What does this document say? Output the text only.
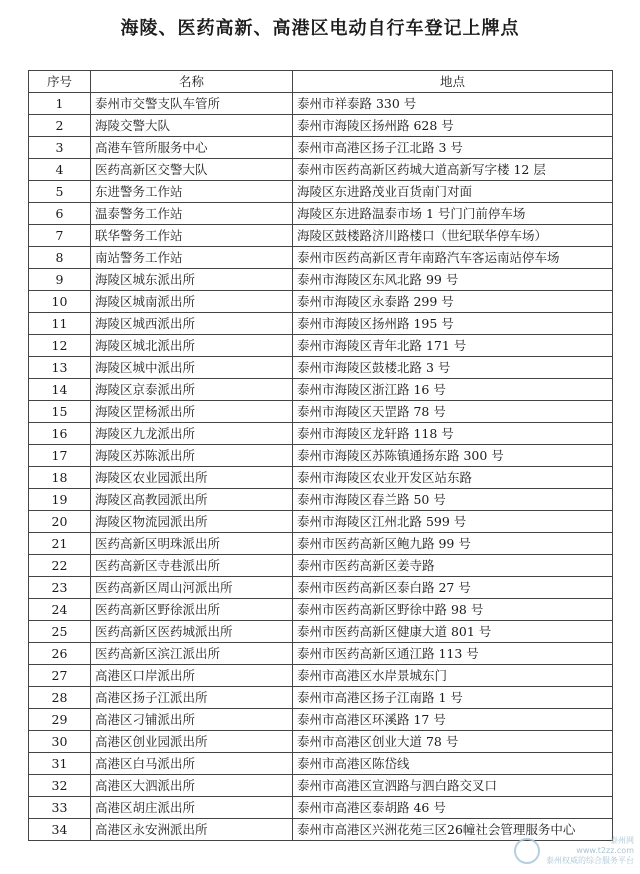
海陵、医药高新、高港区电动自行车登记上牌点
序号	名称	地点
1	泰州市交警支队车管所	泰州市祥泰路 330 号
2	海陵交警大队	泰州市海陵区扬州路 628 号
3	高港车管所服务中心	泰州市高港区扬子江北路 3 号
4	医药高新区交警大队	泰州市医药高新区药城大道高新写字楼 12 层
5	东进警务工作站	海陵区东进路茂业百货南门对面
6	温泰警务工作站	海陵区东进路温泰市场 1 号门门前停车场
7	联华警务工作站	海陵区鼓楼路济川路楼口（世纪联华停车场）
8	南站警务工作站	泰州市医药高新区青年南路汽车客运南站停车场
9	海陵区城东派出所	泰州市海陵区东风北路 99 号
10	海陵区城南派出所	泰州市海陵区永泰路 299 号
11	海陵区城西派出所	泰州市海陵区扬州路 195 号
12	海陵区城北派出所	泰州市海陵区青年北路 171 号
13	海陵区城中派出所	泰州市海陵区鼓楼北路 3 号
14	海陵区京泰派出所	泰州市海陵区浙江路 16 号
15	海陵区罡杨派出所	泰州市海陵区天罡路 78 号
16	海陵区九龙派出所	泰州市海陵区龙轩路 118 号
17	海陵区苏陈派出所	泰州市海陵区苏陈镇通扬东路 300 号
18	海陵区农业园派出所	泰州市海陵区农业开发区站东路
19	海陵区高教园派出所	泰州市海陵区春兰路 50 号
20	海陵区物流园派出所	泰州市海陵区江州北路 599 号
21	医药高新区明珠派出所	泰州市医药高新区鲍九路 99 号
22	医药高新区寺巷派出所	泰州市医药高新区姜寺路
23	医药高新区周山河派出所	泰州市医药高新区泰白路 27 号
24	医药高新区野徐派出所	泰州市医药高新区野徐中路 98 号
25	医药高新区医药城派出所	泰州市医药高新区健康大道 801 号
26	医药高新区滨江派出所	泰州市医药高新区通江路 113 号
27	高港区口岸派出所	泰州市高港区水岸景城东门
28	高港区扬子江派出所	泰州市高港区扬子江南路 1 号
29	高港区刁铺派出所	泰州市高港区环溪路 17 号
30	高港区创业园派出所	泰州市高港区创业大道 78 号
31	高港区白马派出所	泰州市高港区陈岱线
32	高港区大泗派出所	泰州市高港区宣泗路与泗白路交叉口
33	高港区胡庄派出所	泰州市高港区泰胡路 46 号
34	高港区永安洲派出所	泰州市高港区兴洲花苑三区26幢社会管理服务中心
泰州网
www.t2zz.com
泰州权威的综合服务平台
